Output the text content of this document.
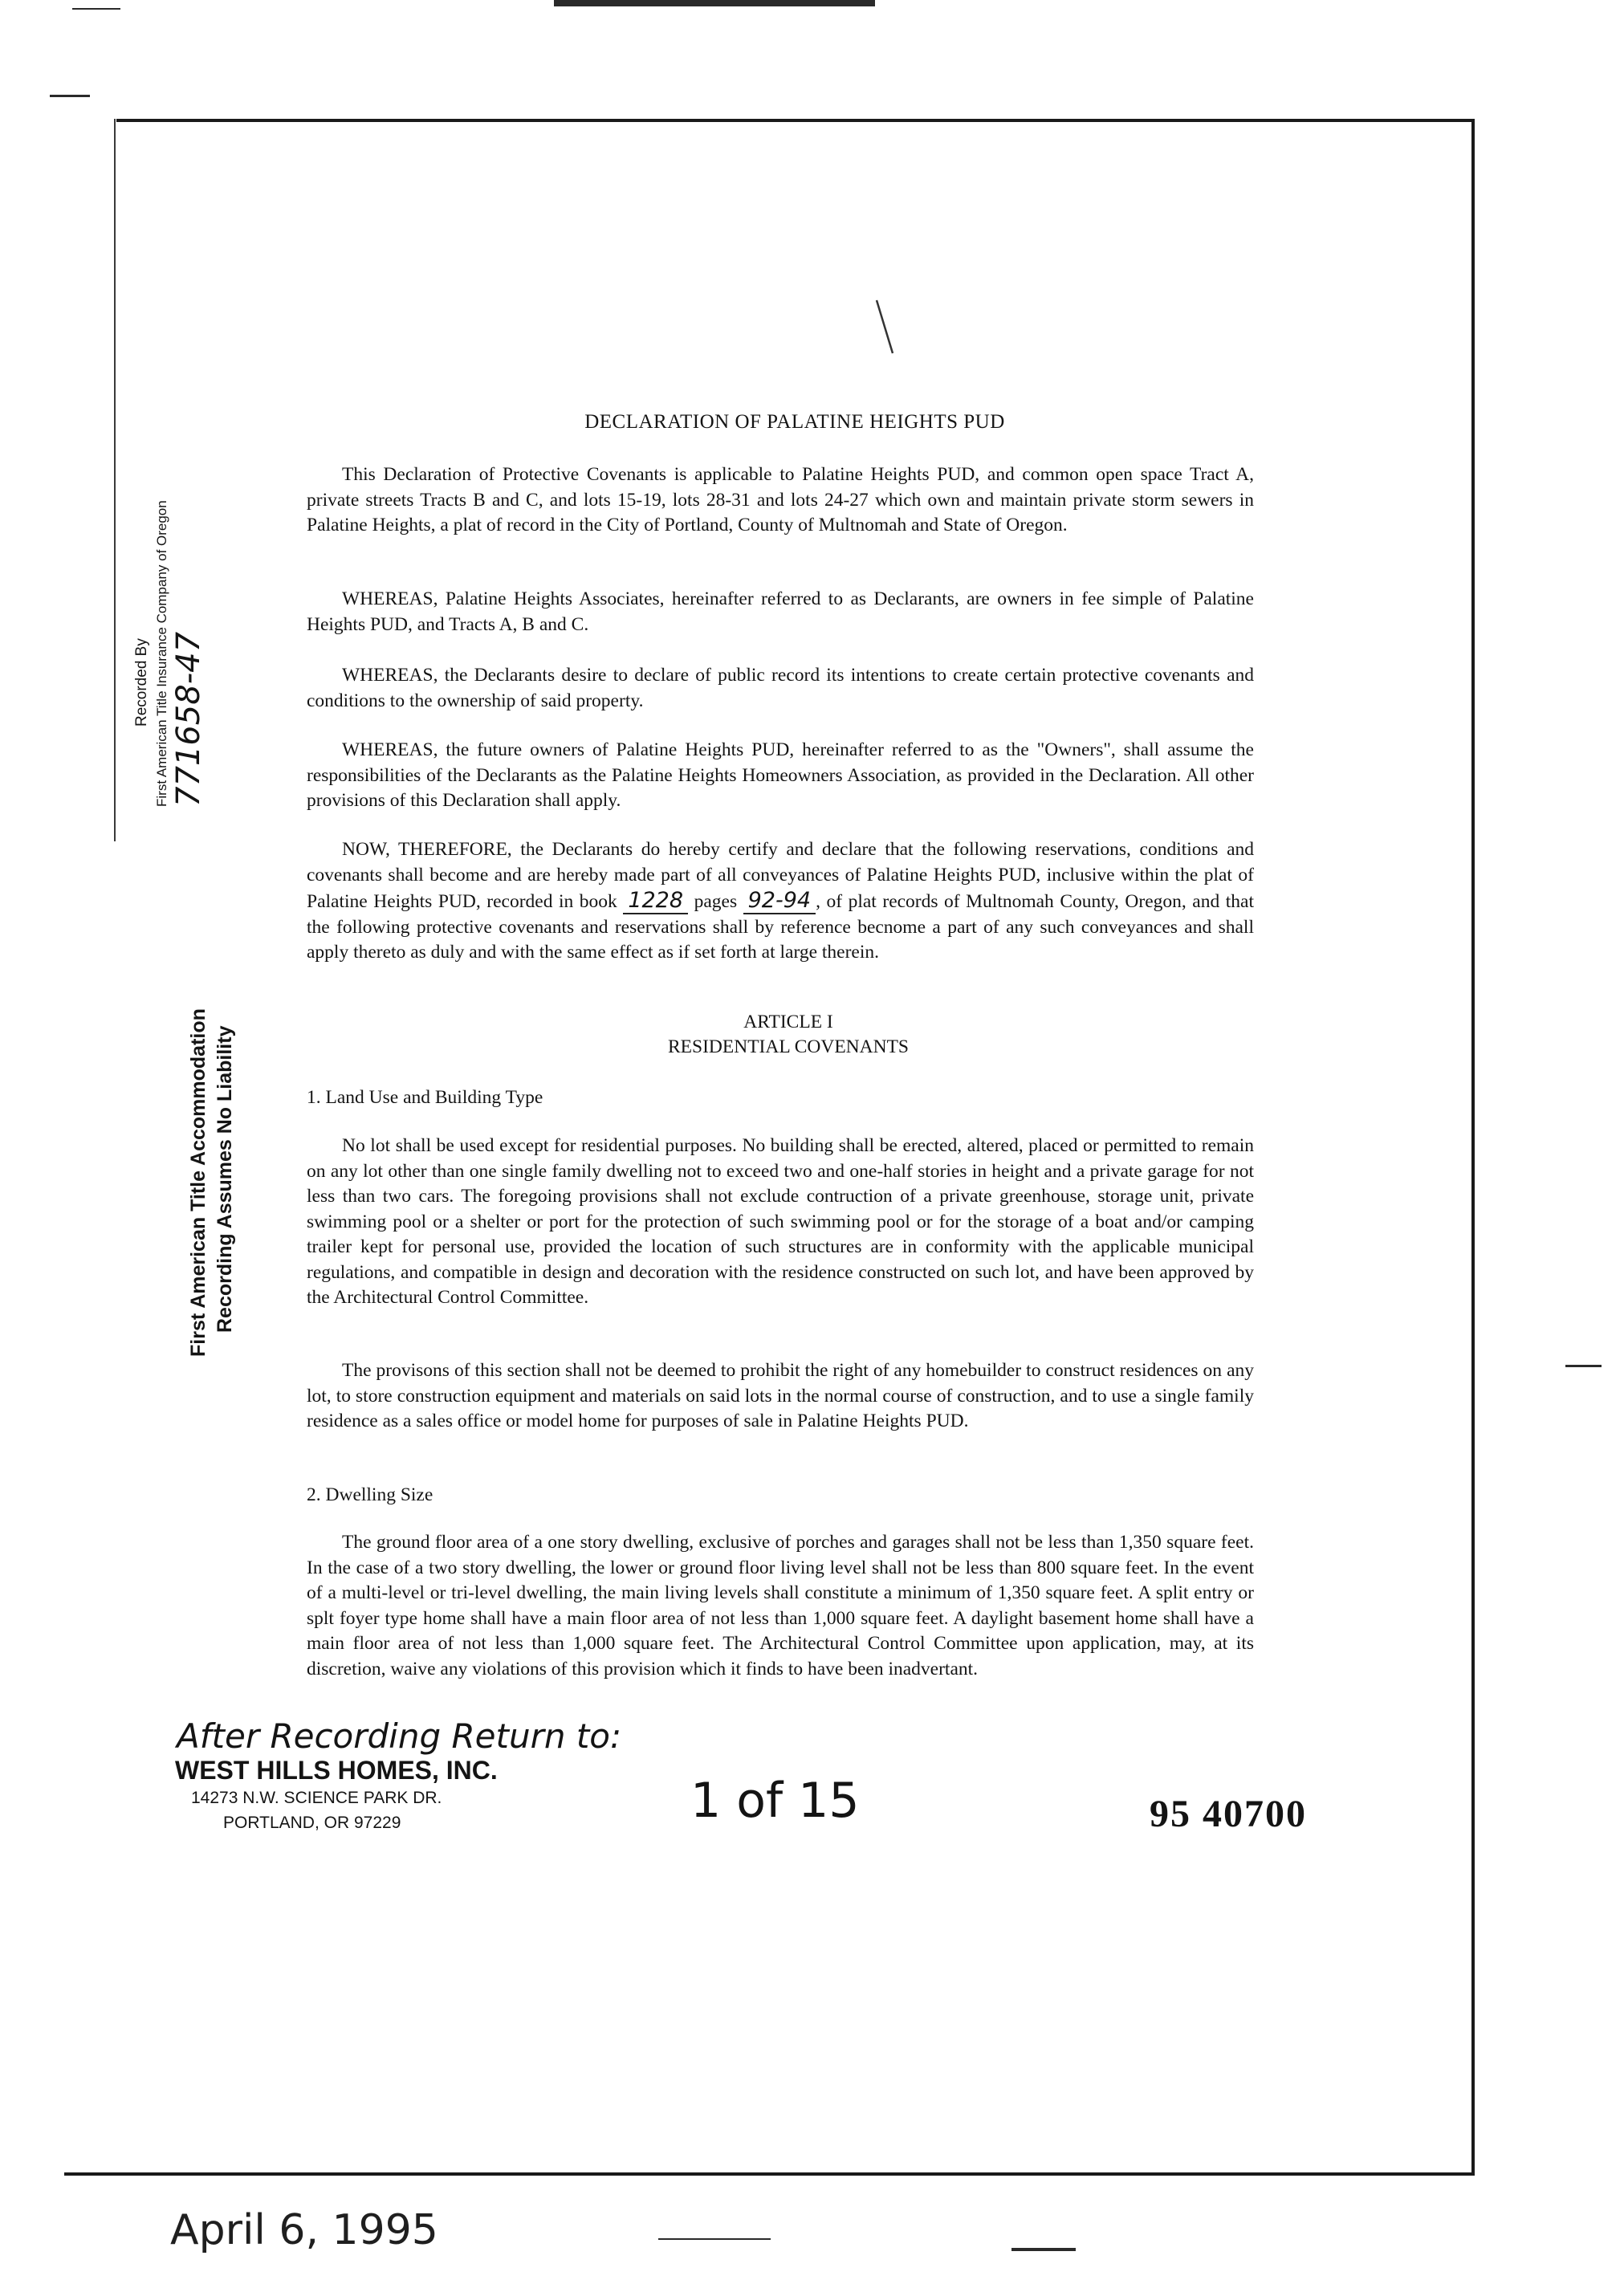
DECLARATION OF PALATINE HEIGHTS PUD
This Declaration of Protective Covenants is applicable to Palatine Heights PUD, and common open space Tract A, private streets Tracts B and C, and lots 15-19, lots 28-31 and lots 24-27 which own and maintain private storm sewers in Palatine Heights, a plat of record in the City of Portland, County of Multnomah and State of Oregon.
WHEREAS, Palatine Heights Associates, hereinafter referred to as Declarants, are owners in fee simple of Palatine Heights PUD, and Tracts A, B and C.
WHEREAS, the Declarants desire to declare of public record its intentions to create certain protective covenants and conditions to the ownership of said property.
WHEREAS, the future owners of Palatine Heights PUD, hereinafter referred to as the "Owners", shall assume the responsibilities of the Declarants as the Palatine Heights Homeowners Association, as provided in the Declaration. All other provisions of this Declaration shall apply.
NOW, THEREFORE, the Declarants do hereby certify and declare that the following reservations, conditions and covenants shall become and are hereby made part of all conveyances of Palatine Heights PUD, inclusive within the plat of Palatine Heights PUD, recorded in book 1228 pages 92-94 , of plat records of Multnomah County, Oregon, and that the following protective covenants and reservations shall by reference becnome a part of any such conveyances and shall apply thereto as duly and with the same effect as if set forth at large therein.
ARTICLE I
RESIDENTIAL COVENANTS
1. Land Use and Building Type
No lot shall be used except for residential purposes. No building shall be erected, altered, placed or permitted to remain on any lot other than one single family dwelling not to exceed two and one-half stories in height and a private garage for not less than two cars. The foregoing provisions shall not exclude contruction of a private greenhouse, storage unit, private swimming pool or a shelter or port for the protection of such swimming pool or for the storage of a boat and/or camping trailer kept for personal use, provided the location of such structures are in conformity with the applicable municipal regulations, and compatible in design and decoration with the residence constructed on such lot, and have been approved by the Architectural Control Committee.
The provisons of this section shall not be deemed to prohibit the right of any homebuilder to construct residences on any lot, to store construction equipment and materials on said lots in the normal course of construction, and to use a single family residence as a sales office or model home for purposes of sale in Palatine Heights PUD.
2. Dwelling Size
The ground floor area of a one story dwelling, exclusive of porches and garages shall not be less than 1,350 square feet. In the case of a two story dwelling, the lower or ground floor living level shall not be less than 800 square feet. In the event of a multi-level or tri-level dwelling, the main living levels shall constitute a minimum of 1,350 square feet. A split entry or splt foyer type home shall have a main floor area of not less than 1,000 square feet. A daylight basement home shall have a main floor area of not less than 1,000 square feet. The Architectural Control Committee upon application, may, at its discretion, waive any violations of this provision which it finds to have been inadvertant.
Recorded By First American Title Insurance Company of Oregon 771658-47
First American Title Accommodation Recording Assumes No Liability
After Recording Return to:
WEST HILLS HOMES, INC.
14273 N.W. SCIENCE PARK DR.
PORTLAND, OR 97229	1 of 15	95 40700
April 6, 1995
